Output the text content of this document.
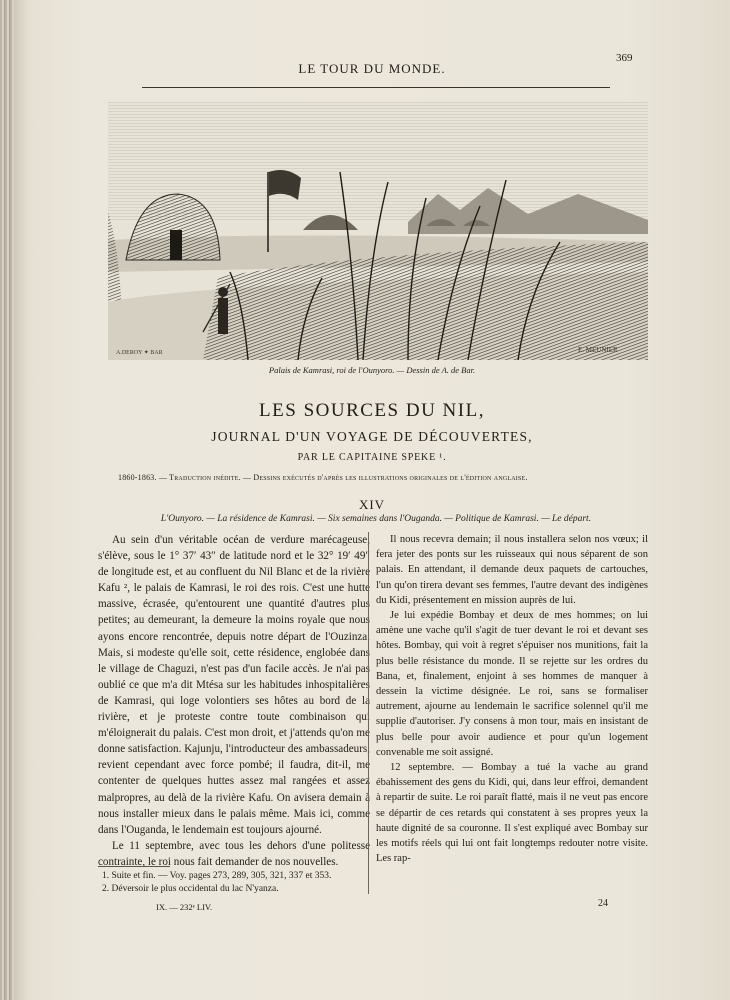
LE TOUR DU MONDE.
369
A.DEROY ✦ BAR	E. MEUNIER
Palais de Kamrasi, roi de l'Ounyoro. — Dessin de A. de Bar.
LES SOURCES DU NIL,
JOURNAL D'UN VOYAGE DE DÉCOUVERTES,
PAR LE CAPITAINE SPEKE ¹.
1860-1863. — Traduction inédite. — Dessins exécutés d'après les illustrations originales de l'édition anglaise.
XIV
L'Ounyoro. — La résidence de Kamrasi. — Six semaines dans l'Ouganda. — Politique de Kamrasi. — Le départ.

Au sein d'un véritable océan de verdure marécageuse, s'élève, sous le 1° 37′ 43″ de latitude nord et le 32° 19′ 49″ de longitude est, et au confluent du Nil Blanc et de la rivière Kafu ², le palais de Kamrasi, le roi des rois. C'est une hutte massive, écrasée, qu'entourent une quantité d'autres plus petites; au demeurant, la demeure la moins royale que nous ayons encore rencontrée, depuis notre départ de l'Ouzinza. Mais, si modeste qu'elle soit, cette résidence, englobée dans le village de Chaguzi, n'est pas d'un facile accès. Je n'ai pas oublié ce que m'a dit Mtésa sur les habitudes inhospitalières de Kamrasi, qui loge volontiers ses hôtes au bord de la rivière, et je proteste contre toute combinaison qui m'éloignerait du palais. C'est mon droit, et j'attends qu'on me donne satisfaction. Kajunju, l'introducteur des ambassadeurs, revient cependant avec force pombé; il faudra, dit-il, me contenter de quelques huttes assez mal rangées et assez malpropres, au delà de la rivière Kafu. On avisera demain à nous installer mieux dans le palais même. Mais ici, comme dans l'Ouganda, le lendemain est toujours ajourné.

Le 11 septembre, avec tous les dehors d'une politesse contrainte, le roi nous fait demander de nos nouvelles.

Il nous recevra demain; il nous installera selon nos vœux; il fera jeter des ponts sur les ruisseaux qui nous séparent de son palais. En attendant, il demande deux paquets de cartouches, l'un qu'on tirera devant ses femmes, l'autre devant des indigènes du Kidi, présentement en mission auprès de lui.

Je lui expédie Bombay et deux de mes hommes; on lui amène une vache qu'il s'agit de tuer devant le roi et devant ses hôtes. Bombay, qui voit à regret s'épuiser nos munitions, fait la plus belle résistance du monde. Il se rejette sur les ordres du Bana, et, finalement, enjoint à ses hommes de manquer à dessein la victime désignée. Le roi, sans se formaliser autrement, ajourne au lendemain le sacrifice solennel qu'il me supplie d'autoriser. J'y consens à mon tour, mais en insistant de plus belle pour avoir audience et pour qu'un logement convenable me soit assigné.

12 septembre. — Bombay a tué la vache au grand ébahissement des gens du Kidi, qui, dans leur effroi, demandent à repartir de suite. Le roi paraît flatté, mais il ne veut pas encore se départir de ces retards qui constatent à ses propres yeux la haute dignité de sa couronne. Il s'est expliqué avec Bombay sur les motifs réels qui lui ont fait longtemps redouter notre visite. Les rap-

1. Suite et fin. — Voy. pages 273, 289, 305, 321, 337 et 353.
2. Déversoir le plus occidental du lac N'yanza.
IX. — 232ᵉ LIV.	24
